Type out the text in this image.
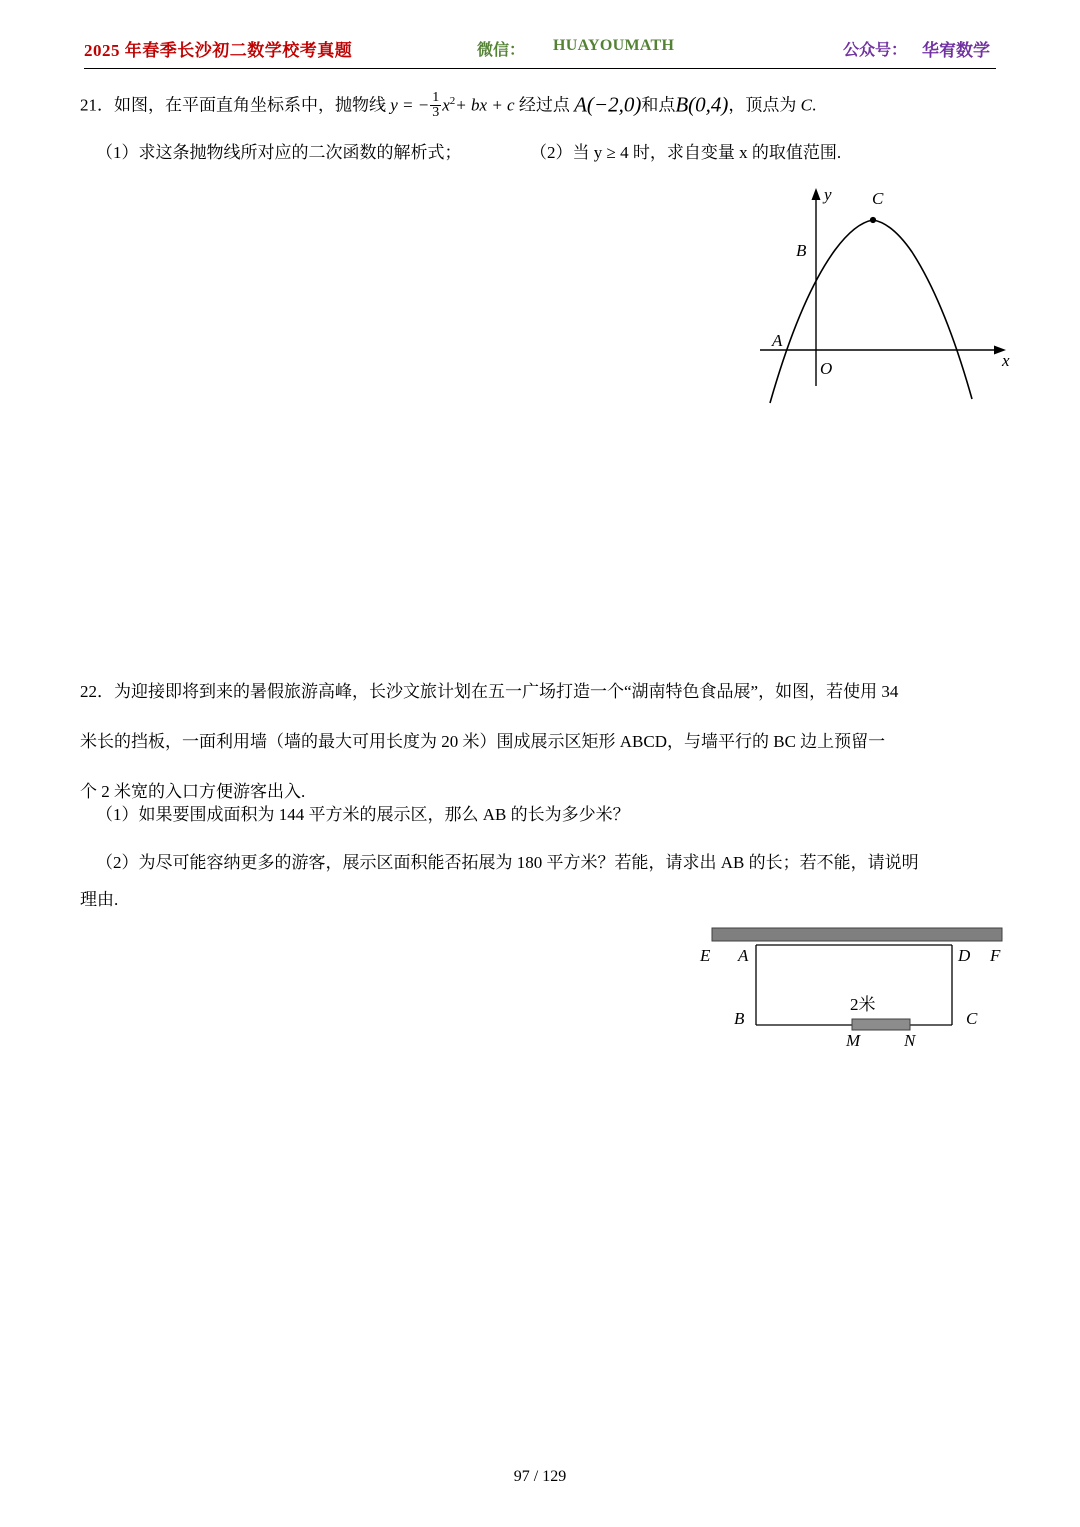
2025 年春季长沙初二数学校考真题	微信： HUAYOUMATH	公众号： 华宥数学
21．如图，在平面直角坐标系中，抛物线 y = − $\frac{1}{3} x^2+$ bx + c 经过点 A(−2,0)和点B(0,4)，顶点为 C.
（1）求这条抛物线所对应的二次函数的解析式；	（2）当 y ≥ 4 时，求自变量 x 的取值范围.
y
x
O
A
B
C
22．为迎接即将到来的暑假旅游高峰，长沙文旅计划在五一广场打造一个“湖南特色食品展”，如图，若使用 34
米长的挡板，一面利用墙（墙的最大可用长度为 20 米）围成展示区矩形 ABCD，与墙平行的 BC 边上预留一
个 2 米宽的入口方便游客出入.
（1）如果要围成面积为 144 平方米的展示区，那么 AB 的长为多少米？
（2）为尽可能容纳更多的游客，展示区面积能否拓展为 180 平方米？若能，请求出 AB 的长；若不能，请说明
理由.
E A	D F
B	C
M	N
2米
97 / 129
